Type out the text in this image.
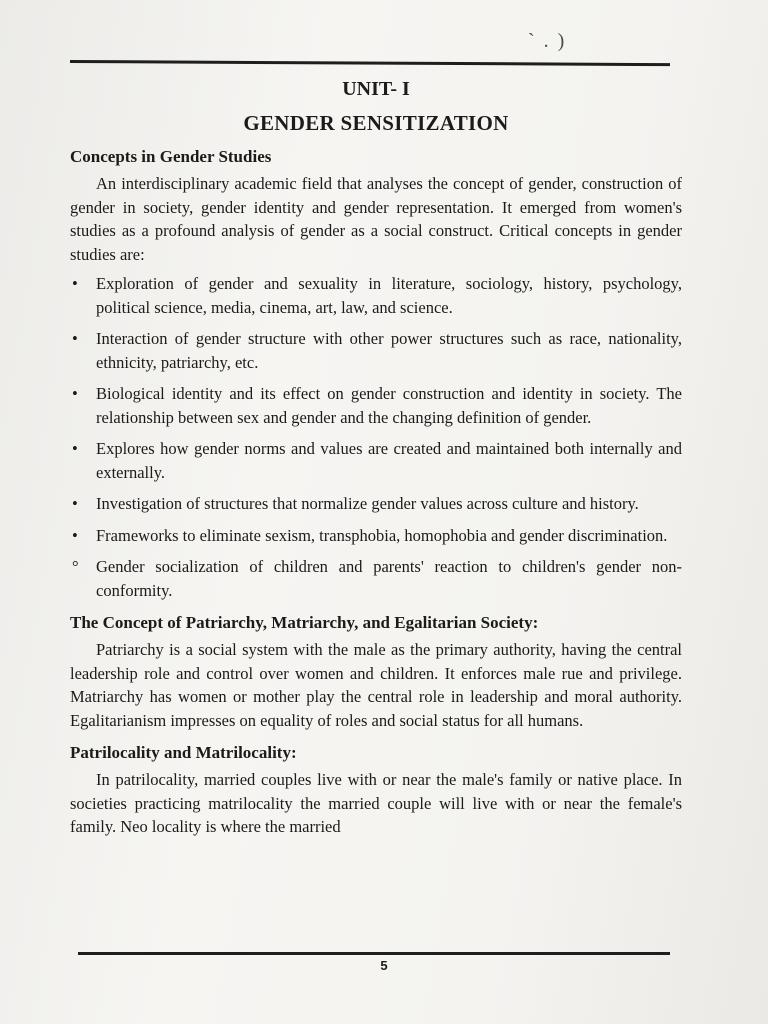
` . )
UNIT- I
GENDER SENSITIZATION
Concepts in Gender Studies

An interdisciplinary academic field that analyses the concept of gender, construction of gender in society, gender identity and gender representation. It emerged from women's studies as a profound analysis of gender as a social construct. Critical concepts in gender studies are:

• Exploration of gender and sexuality in literature, sociology, history, psychology, political science, media, cinema, art, law, and science.
• Interaction of gender structure with other power structures such as race, nationality, ethnicity, patriarchy, etc.
• Biological identity and its effect on gender construction and identity in society. The relationship between sex and gender and the changing definition of gender.
• Explores how gender norms and values are created and maintained both internally and externally.
• Investigation of structures that normalize gender values across culture and history.
• Frameworks to eliminate sexism, transphobia, homophobia and gender discrimination.
° Gender socialization of children and parents' reaction to children's gender non-conformity.
The Concept of Patriarchy, Matriarchy, and Egalitarian Society:

Patriarchy is a social system with the male as the primary authority, having the central leadership role and control over women and children. It enforces male rue and privilege. Matriarchy has women or mother play the central role in leadership and moral authority. Egalitarianism impresses on equality of roles and social status for all humans.

Patrilocality and Matrilocality:

In patrilocality, married couples live with or near the male's family or native place. In societies practicing matrilocality the married couple will live with or near the female's family. Neo locality is where the married

5
